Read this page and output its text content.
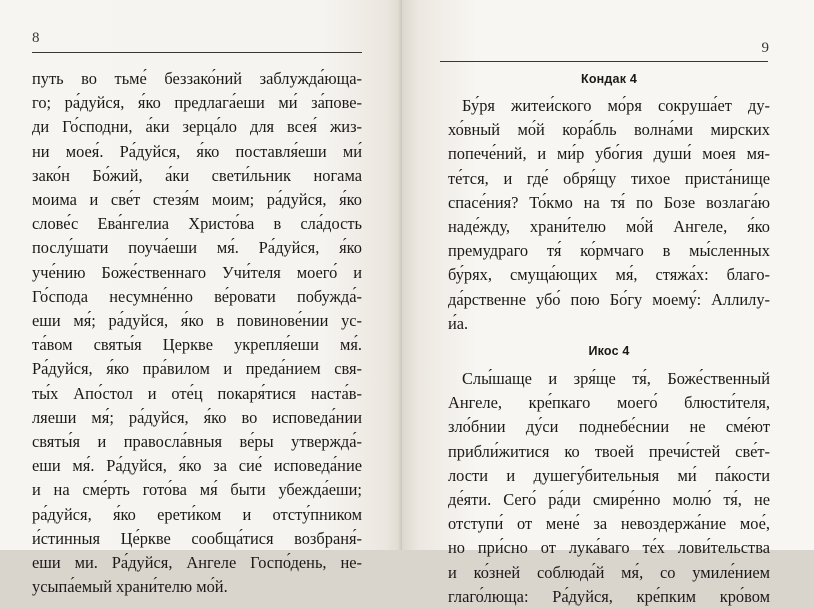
8
путь во тьме́ беззако́ний заблужда́юща-
го; ра́дуйся, я́ко предлага́еши ми́ за́пове-
ди Го́сподни, а́ки зерца́ло для всея́ жиз-
ни моея́. Ра́дуйся, я́ко поставля́еши ми́
зако́н Бо́жий, а́ки свети́льник ногама
моима и све́т стезя́м моим; ра́дуйся, я́ко
слове́с Ева́нгелиа Христо́ва в сла́дость
послу́шати поуча́еши мя́. Ра́дуйся, я́ко
уче́нию Боже́ственнаго Учи́теля моего́ и
Го́спода несумне́нно ве́ровати побужда́-
еши мя́; ра́дуйся, я́ко в повинове́нии ус-
та́вом святы́я Церкве укрепля́еши мя́.
Ра́дуйся, я́ко пра́вилом и преда́нием свя-
ты́х Апо́стол и оте́ц покаря́тися наста́в-
ляеши мя́; ра́дуйся, я́ко во исповеда́нии
святы́я и правосла́вныя ве́ры утвержда́-
еши мя́. Ра́дуйся, я́ко за сие́ исповеда́ние
и на сме́рть гото́ва мя́ быти убежда́еши;
ра́дуйся, я́ко ерети́ком и отсту́пником
и́стинныя Це́ркве сообща́тися возбраня́-
еши ми. Ра́дуйся, Ангеле Госпо́день, не-
усыпа́емый храни́телю мо́й.
9
Кондак 4
Бу́ря житеи́ского мо́ря сокруша́ет ду-
хо́вный мо́й кора́бль волна́ми мирских
попече́ний, и ми́р убо́гия души́ моея мя-
те́тся, и где́ обря́щу тихое приста́нище
спасе́ния? То́кмо на тя́ по Бозе возлага́ю
наде́жду, храни́телю мо́й Ангеле, я́ко
премудраго тя́ ко́рмчаго в мы́сленных
бу́рях, смуща́ющих мя́, стяжа́х: благо-
да́рственне убо́ пою Бо́гу моему́: Аллилу-
и́а.
Икос 4
Слы́шаще и зря́ще тя́, Боже́ственный
Ангеле, кре́пкаго моего́ блюсти́теля,
зло́бнии ду́си поднебе́снии не сме́ют
прибли́житися ко твоей пречи́стей све́т-
лости и душегу́бительныя ми́ па́кости
де́яти. Сего́ ра́ди смире́нно молю́ тя́, не
отступи́ от мене́ за невоздержа́ние мое́,
но при́сно от лука́ваго те́х лови́тельства
и ко́зней соблюда́й мя́, со умиле́нием
глаго́люща: Ра́дуйся, кре́пким кро́вом
